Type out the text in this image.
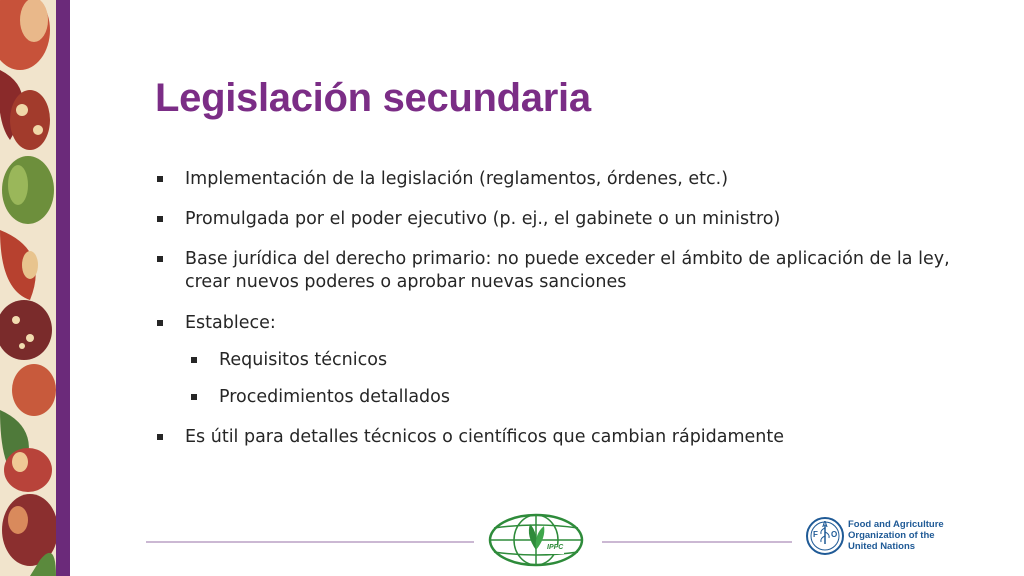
Legislación secundaria
Implementación de la legislación (reglamentos, órdenes, etc.)
Promulgada por el poder ejecutivo (p. ej., el gabinete o un ministro)
Base jurídica del derecho primario: no puede exceder el ámbito de aplicación de la ley,
crear nuevos poderes o aprobar nuevas sanciones
Establece:
Requisitos técnicos
Procedimientos detallados
Es útil para detalles técnicos o científicos que cambian rápidamente
IPPC
F
A
O
Food and Agriculture
Organization of the
United Nations
